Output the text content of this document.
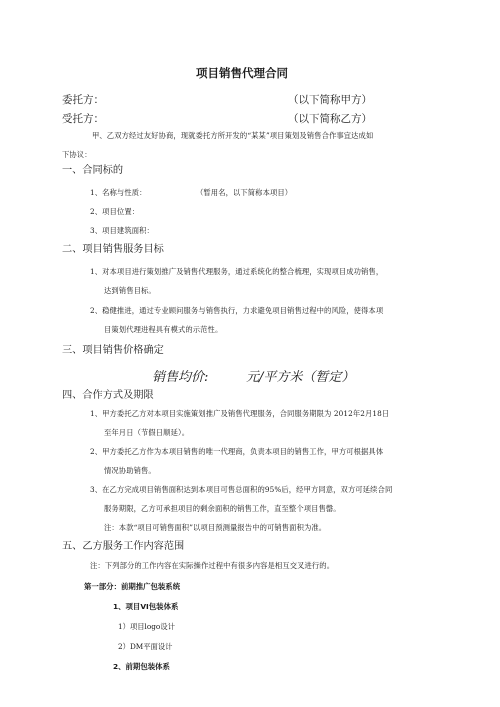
项目销售代理合同
委托方：	（以下简称甲方）
受托方：	（以下简称乙方）
甲、乙双方经过友好协商，现就委托方所开发的“某某”项目策划及销售合作事宜达成如
下协议：
一、合同标的
1、名称与性质：	（暂用名，以下简称本项目）
2、项目位置：
3、项目建筑面积：
二、项目销售服务目标
1、对本项目进行策划推广及销售代理服务，通过系统化的整合梳理，实现项目成功销售，
达到销售目标。
2、稳健推进，通过专业顾问服务与销售执行，力求避免项目销售过程中的风险，使得本项
目策划代理进程具有模式的示范性。
三、项目销售价格确定
销售均价:	元/平方米（暂定）
四、合作方式及期限
1、甲方委托乙方对本项目实施策划推广及销售代理服务，合同服务期限为 2012年2月18日
至年月日（节假日顺延）。
2、甲方委托乙方作为本项目销售的唯一代理商，负责本项目的销售工作，甲方可根据具体
情况协助销售。
3、在乙方完成项目销售面积达到本项目可售总面积的95%后，经甲方同意，双方可延续合同
服务期限，乙方可承担项目的剩余面积的销售工作，直至整个项目售罄。
注：本款“项目可销售面积”以项目预测量报告中的可销售面积为准。
五、乙方服务工作内容范围
注：下列部分的工作内容在实际操作过程中有很多内容是相互交叉进行的。
第一部分：前期推广包装系统
1、项目VI包装体系
1）项目logo设计
2）DM平面设计
2、前期包装体系
